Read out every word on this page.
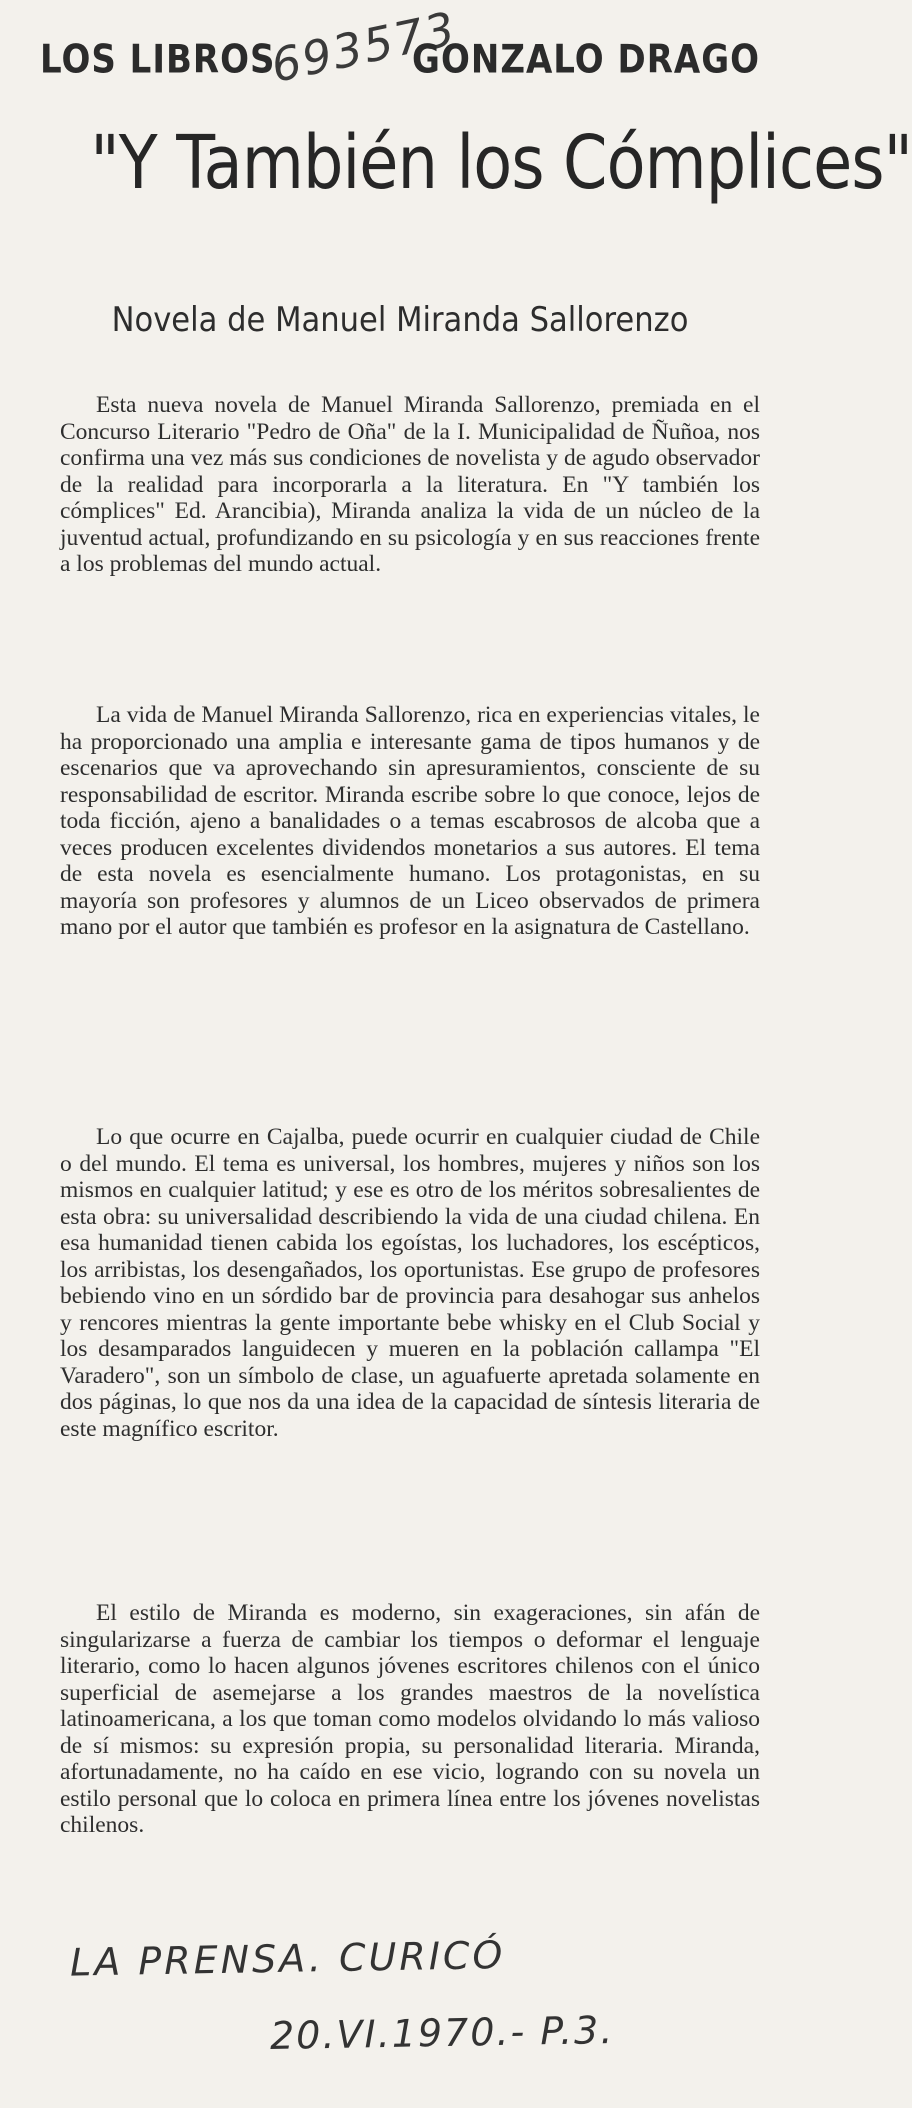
LOS LIBROS
693573
GONZALO DRAGO
"Y También los Cómplices"
Novela de Manuel Miranda Sallorenzo

Esta nueva novela de Manuel Miranda Sallorenzo, premiada en el Concurso Literario "Pedro de Oña" de la I. Municipalidad de Ñuñoa, nos confirma una vez más sus condiciones de novelista y de agudo observador de la realidad para incorporarla a la literatura. En "Y también los cómplices" Ed. Arancibia), Miranda analiza la vida de un núcleo de la juventud actual, profundizando en su psicología y en sus reacciones frente a los problemas del mundo actual.

La vida de Manuel Miranda Sallorenzo, rica en experiencias vitales, le ha proporcionado una amplia e interesante gama de tipos humanos y de escenarios que va aprovechando sin apresuramientos, consciente de su responsabilidad de escritor. Miranda escribe sobre lo que conoce, lejos de toda ficción, ajeno a banalidades o a temas escabrosos de alcoba que a veces producen excelentes dividendos monetarios a sus autores. El tema de esta novela es esencialmente humano. Los protagonistas, en su mayoría son profesores y alumnos de un Liceo observados de primera mano por el autor que también es profesor en la asignatura de Castellano.

Lo que ocurre en Cajalba, puede ocurrir en cualquier ciudad de Chile o del mundo. El tema es universal, los hombres, mujeres y niños son los mismos en cualquier latitud; y ese es otro de los méritos sobresalientes de esta obra: su universalidad describiendo la vida de una ciudad chilena. En esa humanidad tienen cabida los egoístas, los luchadores, los escépticos, los arribistas, los desengañados, los oportunistas. Ese grupo de profesores bebiendo vino en un sórdido bar de provincia para desahogar sus anhelos y rencores mientras la gente importante bebe whisky en el Club Social y los desamparados languidecen y mueren en la población callampa "El Varadero", son un símbolo de clase, un aguafuerte apretada solamente en dos páginas, lo que nos da una idea de la capacidad de síntesis literaria de este magnífico escritor.

El estilo de Miranda es moderno, sin exageraciones, sin afán de singularizarse a fuerza de cambiar los tiempos o deformar el lenguaje literario, como lo hacen algunos jóvenes escritores chilenos con el único superficial de asemejarse a los grandes maestros de la novelística latinoamericana, a los que toman como modelos olvidando lo más valioso de sí mismos: su expresión propia, su personalidad literaria. Miranda, afortunadamente, no ha caído en ese vicio, logrando con su novela un estilo personal que lo coloca en primera línea entre los jóvenes novelistas chilenos.

LA PRENSA. CURICÓ
20.VI.1970.- P.3.
